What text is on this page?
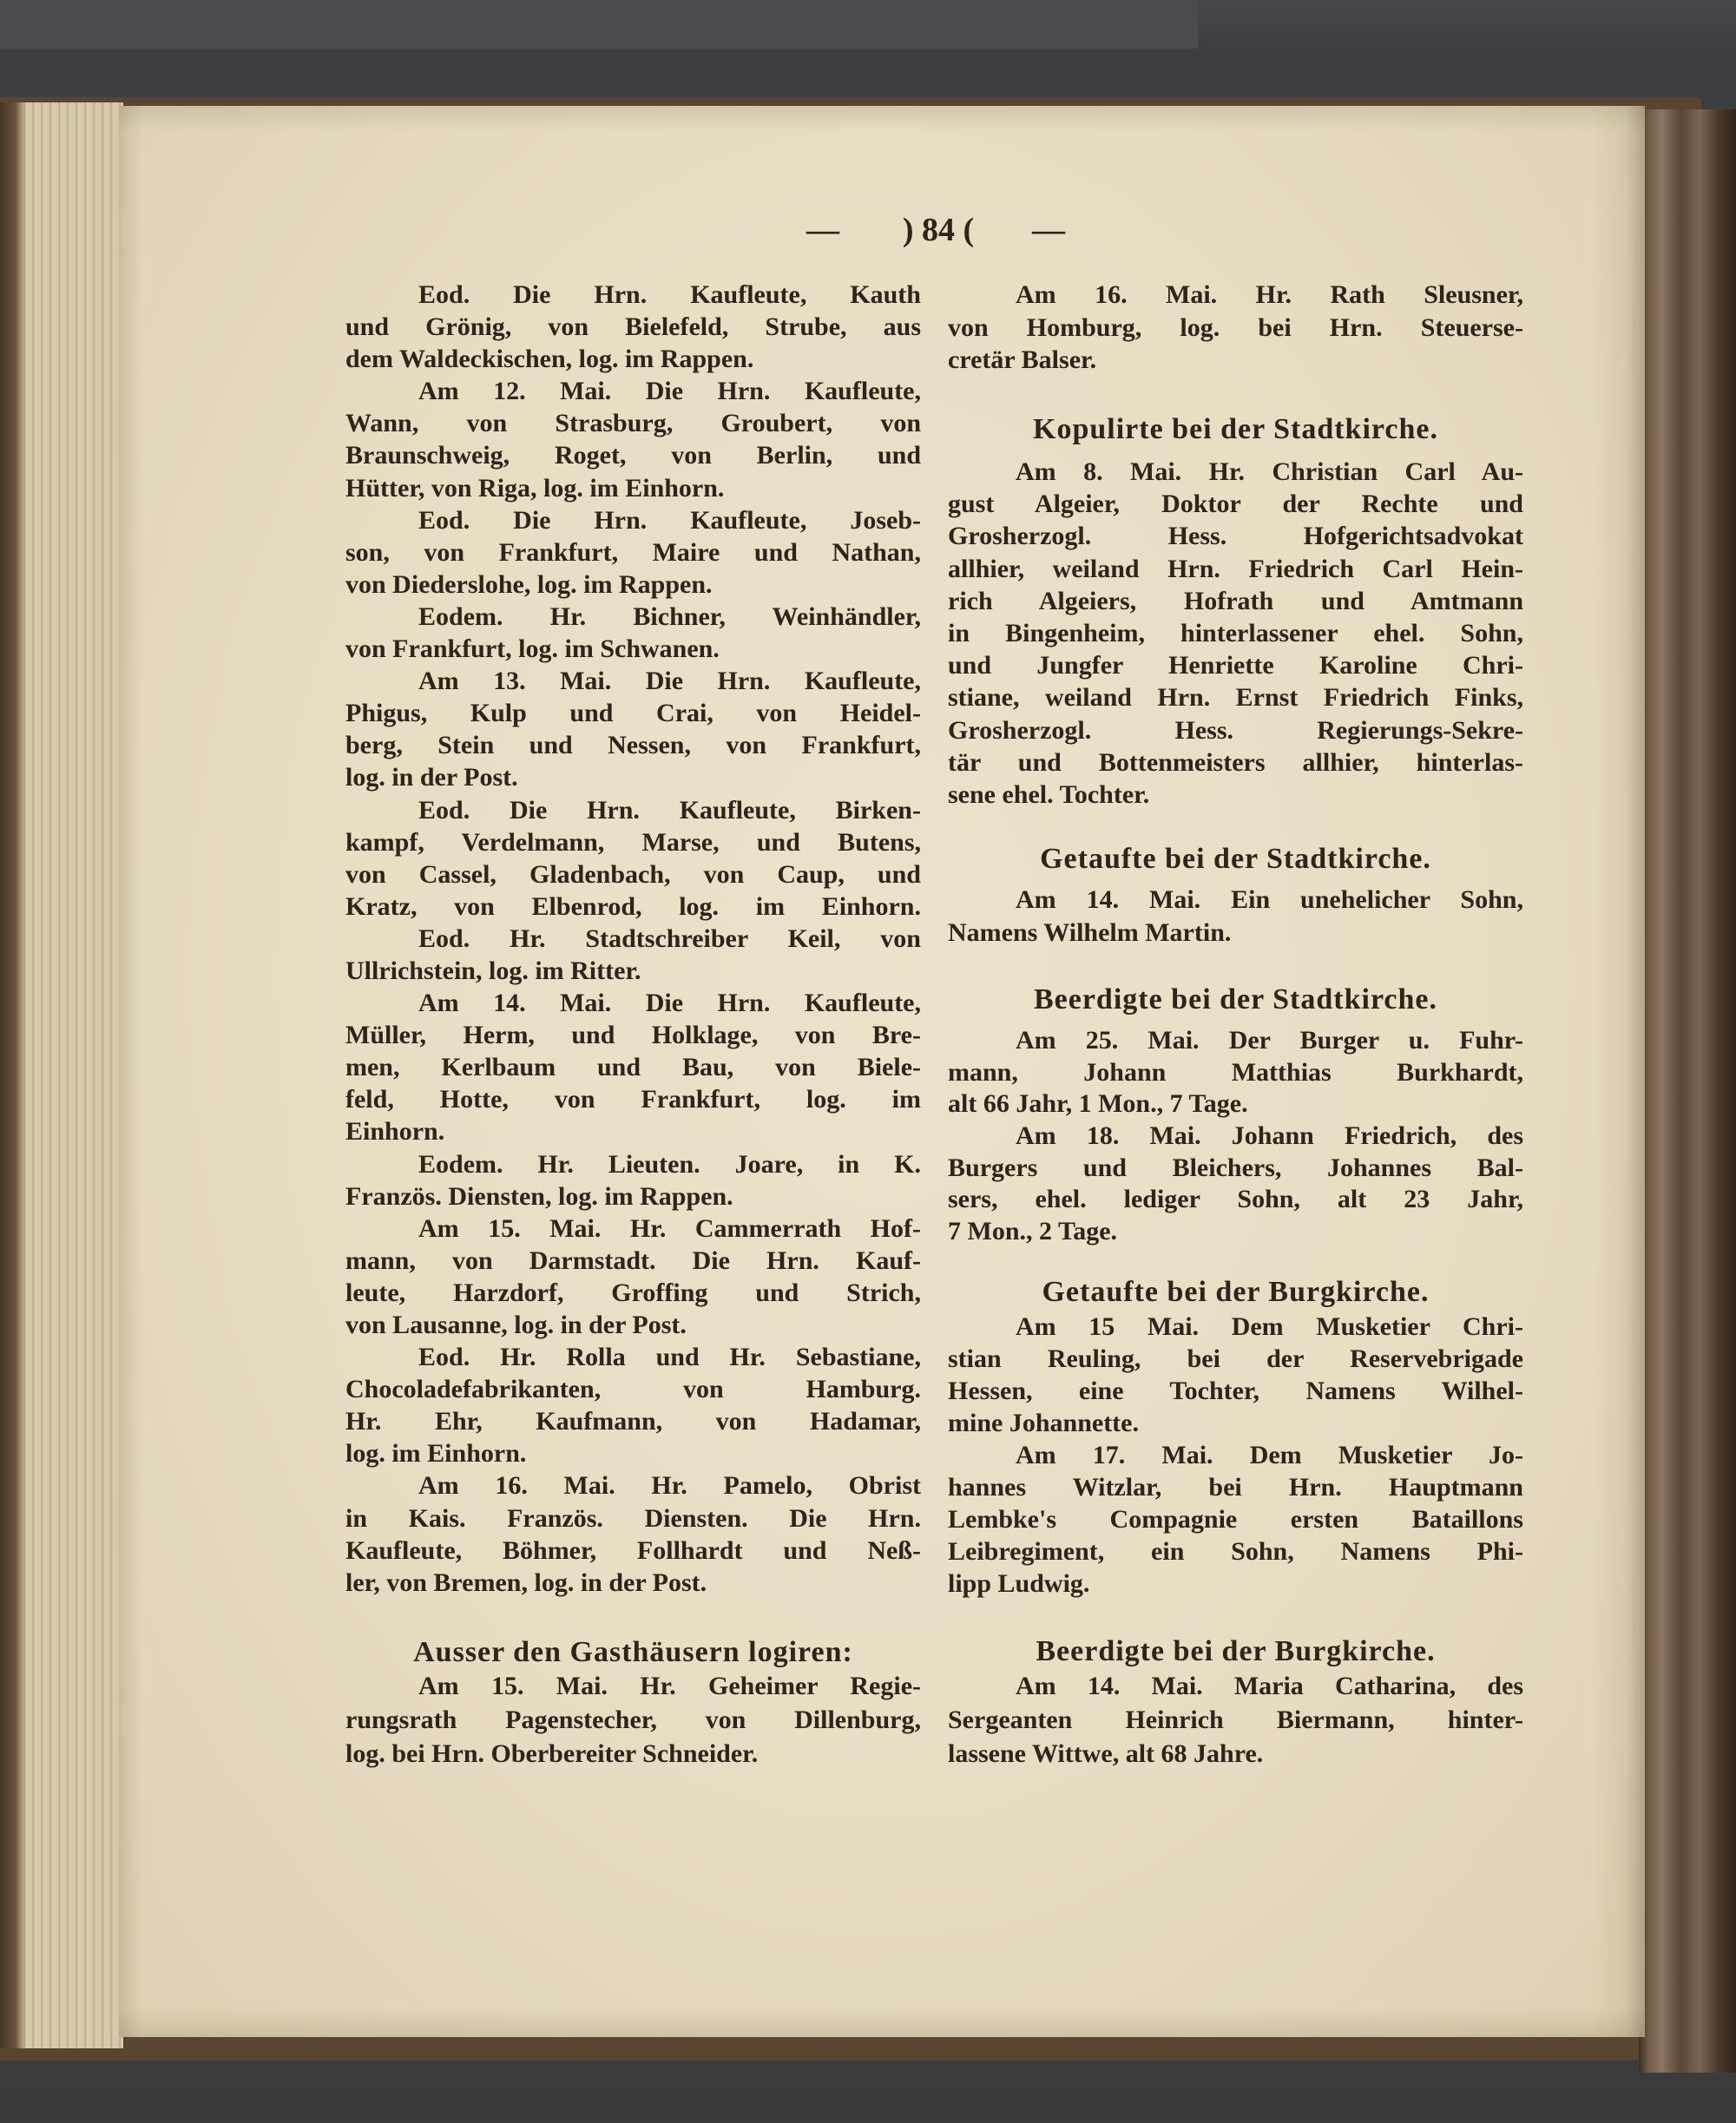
—	) 84 (	—
Eod. Die Hrn. Kaufleute, Kauth
und Grönig, von Bielefeld, Strube, aus
dem Waldeckischen, log. im Rappen.
Am 12. Mai. Die Hrn. Kaufleute,
Wann, von Strasburg, Groubert, von
Braunschweig, Roget, von Berlin, und
Hütter, von Riga, log. im Einhorn.
Eod. Die Hrn. Kaufleute, Joseb-
son, von Frankfurt, Maire und Nathan,
von Diederslohe, log. im Rappen.
Eodem. Hr. Bichner, Weinhändler,
von Frankfurt, log. im Schwanen.
Am 13. Mai. Die Hrn. Kaufleute,
Phigus, Kulp und Crai, von Heidel-
berg, Stein und Nessen, von Frankfurt,
log. in der Post.
Eod. Die Hrn. Kaufleute, Birken-
kampf, Verdelmann, Marse, und Butens,
von Cassel, Gladenbach, von Caup, und
Kratz, von Elbenrod, log. im Einhorn.
Eod. Hr. Stadtschreiber Keil, von
Ullrichstein, log. im Ritter.
Am 14. Mai. Die Hrn. Kaufleute,
Müller, Herm, und Holklage, von Bre-
men, Kerlbaum und Bau, von Biele-
feld, Hotte, von Frankfurt, log. im
Einhorn.
Eodem. Hr. Lieuten. Joare, in K.
Französ. Diensten, log. im Rappen.
Am 15. Mai. Hr. Cammerrath Hof-
mann, von Darmstadt. Die Hrn. Kauf-
leute, Harzdorf, Groffing und Strich,
von Lausanne, log. in der Post.
Eod. Hr. Rolla und Hr. Sebastiane,
Chocoladefabrikanten, von Hamburg.
Hr. Ehr, Kaufmann, von Hadamar,
log. im Einhorn.
Am 16. Mai. Hr. Pamelo, Obrist
in Kais. Französ. Diensten. Die Hrn.
Kaufleute, Böhmer, Follhardt und Neß-
ler, von Bremen, log. in der Post.
Ausser den Gasthäusern logiren:
Am 15. Mai. Hr. Geheimer Regie-
rungsrath Pagenstecher, von Dillenburg,
log. bei Hrn. Oberbereiter Schneider.
Am 16. Mai. Hr. Rath Sleusner,
von Homburg, log. bei Hrn. Steuerse-
cretär Balser.
Kopulirte bei der Stadtkirche.
Am 8. Mai. Hr. Christian Carl Au-
gust Algeier, Doktor der Rechte und
Grosherzogl. Hess. Hofgerichtsadvokat
allhier, weiland Hrn. Friedrich Carl Hein-
rich Algeiers, Hofrath und Amtmann
in Bingenheim, hinterlassener ehel. Sohn,
und Jungfer Henriette Karoline Chri-
stiane, weiland Hrn. Ernst Friedrich Finks,
Grosherzogl. Hess. Regierungs-Sekre-
tär und Bottenmeisters allhier, hinterlas-
sene ehel. Tochter.
Getaufte bei der Stadtkirche.
Am 14. Mai. Ein unehelicher Sohn,
Namens Wilhelm Martin.
Beerdigte bei der Stadtkirche.
Am 25. Mai. Der Burger u. Fuhr-
mann, Johann Matthias Burkhardt,
alt 66 Jahr, 1 Mon., 7 Tage.
Am 18. Mai. Johann Friedrich, des
Burgers und Bleichers, Johannes Bal-
sers, ehel. lediger Sohn, alt 23 Jahr,
7 Mon., 2 Tage.
Getaufte bei der Burgkirche.
Am 15 Mai. Dem Musketier Chri-
stian Reuling, bei der Reservebrigade
Hessen, eine Tochter, Namens Wilhel-
mine Johannette.
Am 17. Mai. Dem Musketier Jo-
hannes Witzlar, bei Hrn. Hauptmann
Lembke's Compagnie ersten Bataillons
Leibregiment, ein Sohn, Namens Phi-
lipp Ludwig.
Beerdigte bei der Burgkirche.
Am 14. Mai. Maria Catharina, des
Sergeanten Heinrich Biermann, hinter-
lassene Wittwe, alt 68 Jahre.
